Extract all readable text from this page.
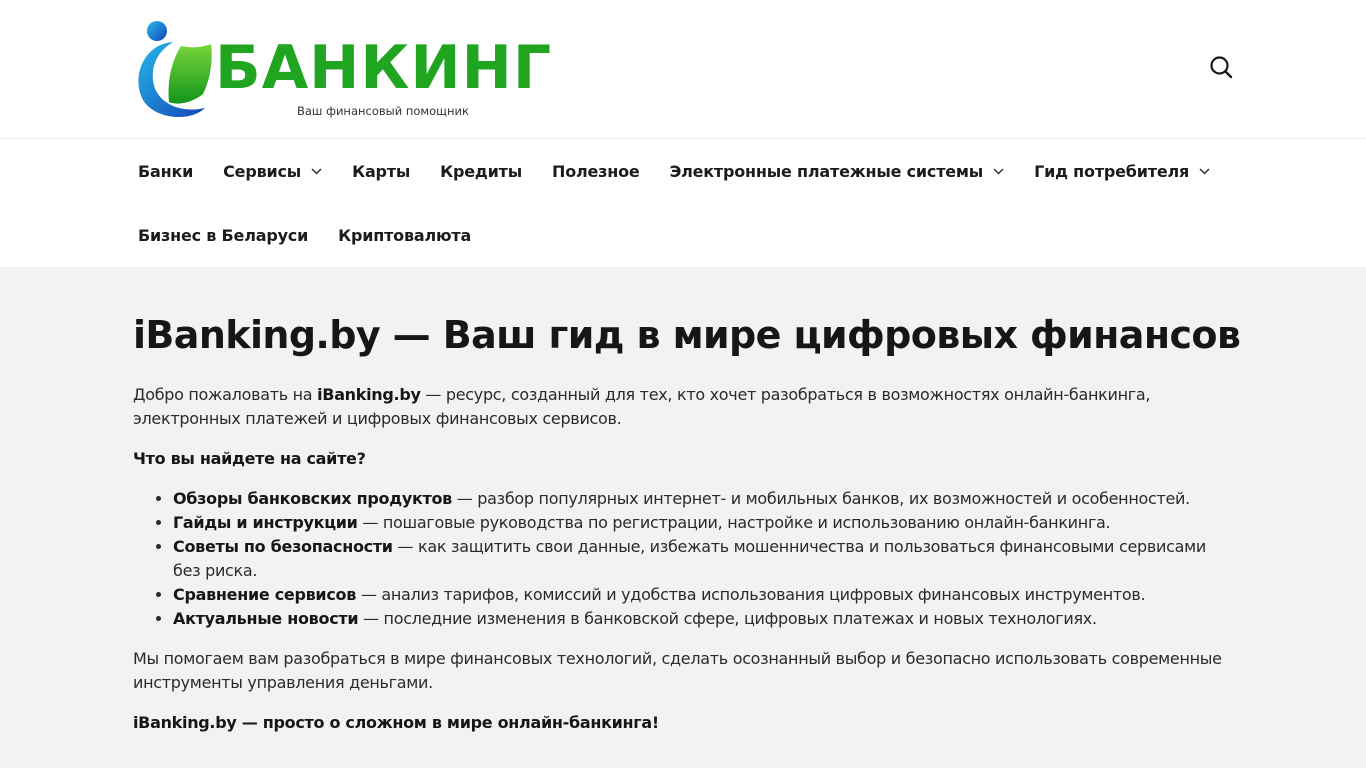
БАНКИНГ
Ваш финансовый помощник
Банки Сервисы	Карты Кредиты Полезное Электронные платежные системы	Гид потребителя
Бизнес в Беларуси Криптовалюта
iBanking.by — Ваш гид в мире цифровых финансов

Добро пожаловать на iBanking.by — ресурс, созданный для тех, кто хочет разобраться в возможностях онлайн-банкинга, электронных платежей и цифровых финансовых сервисов.

Что вы найдете на сайте?

• Обзоры банковских продуктов — разбор популярных интернет- и мобильных банков, их возможностей и особенностей.
• Гайды и инструкции — пошаговые руководства по регистрации, настройке и использованию онлайн-банкинга.
• Советы по безопасности — как защитить свои данные, избежать мошенничества и пользоваться финансовыми сервисами без риска.
• Сравнение сервисов — анализ тарифов, комиссий и удобства использования цифровых финансовых инструментов.
• Актуальные новости — последние изменения в банковской сфере, цифровых платежах и новых технологиях.

Мы помогаем вам разобраться в мире финансовых технологий, сделать осознанный выбор и безопасно использовать современные инструменты управления деньгами.

iBanking.by — просто о сложном в мире онлайн-банкинга!
